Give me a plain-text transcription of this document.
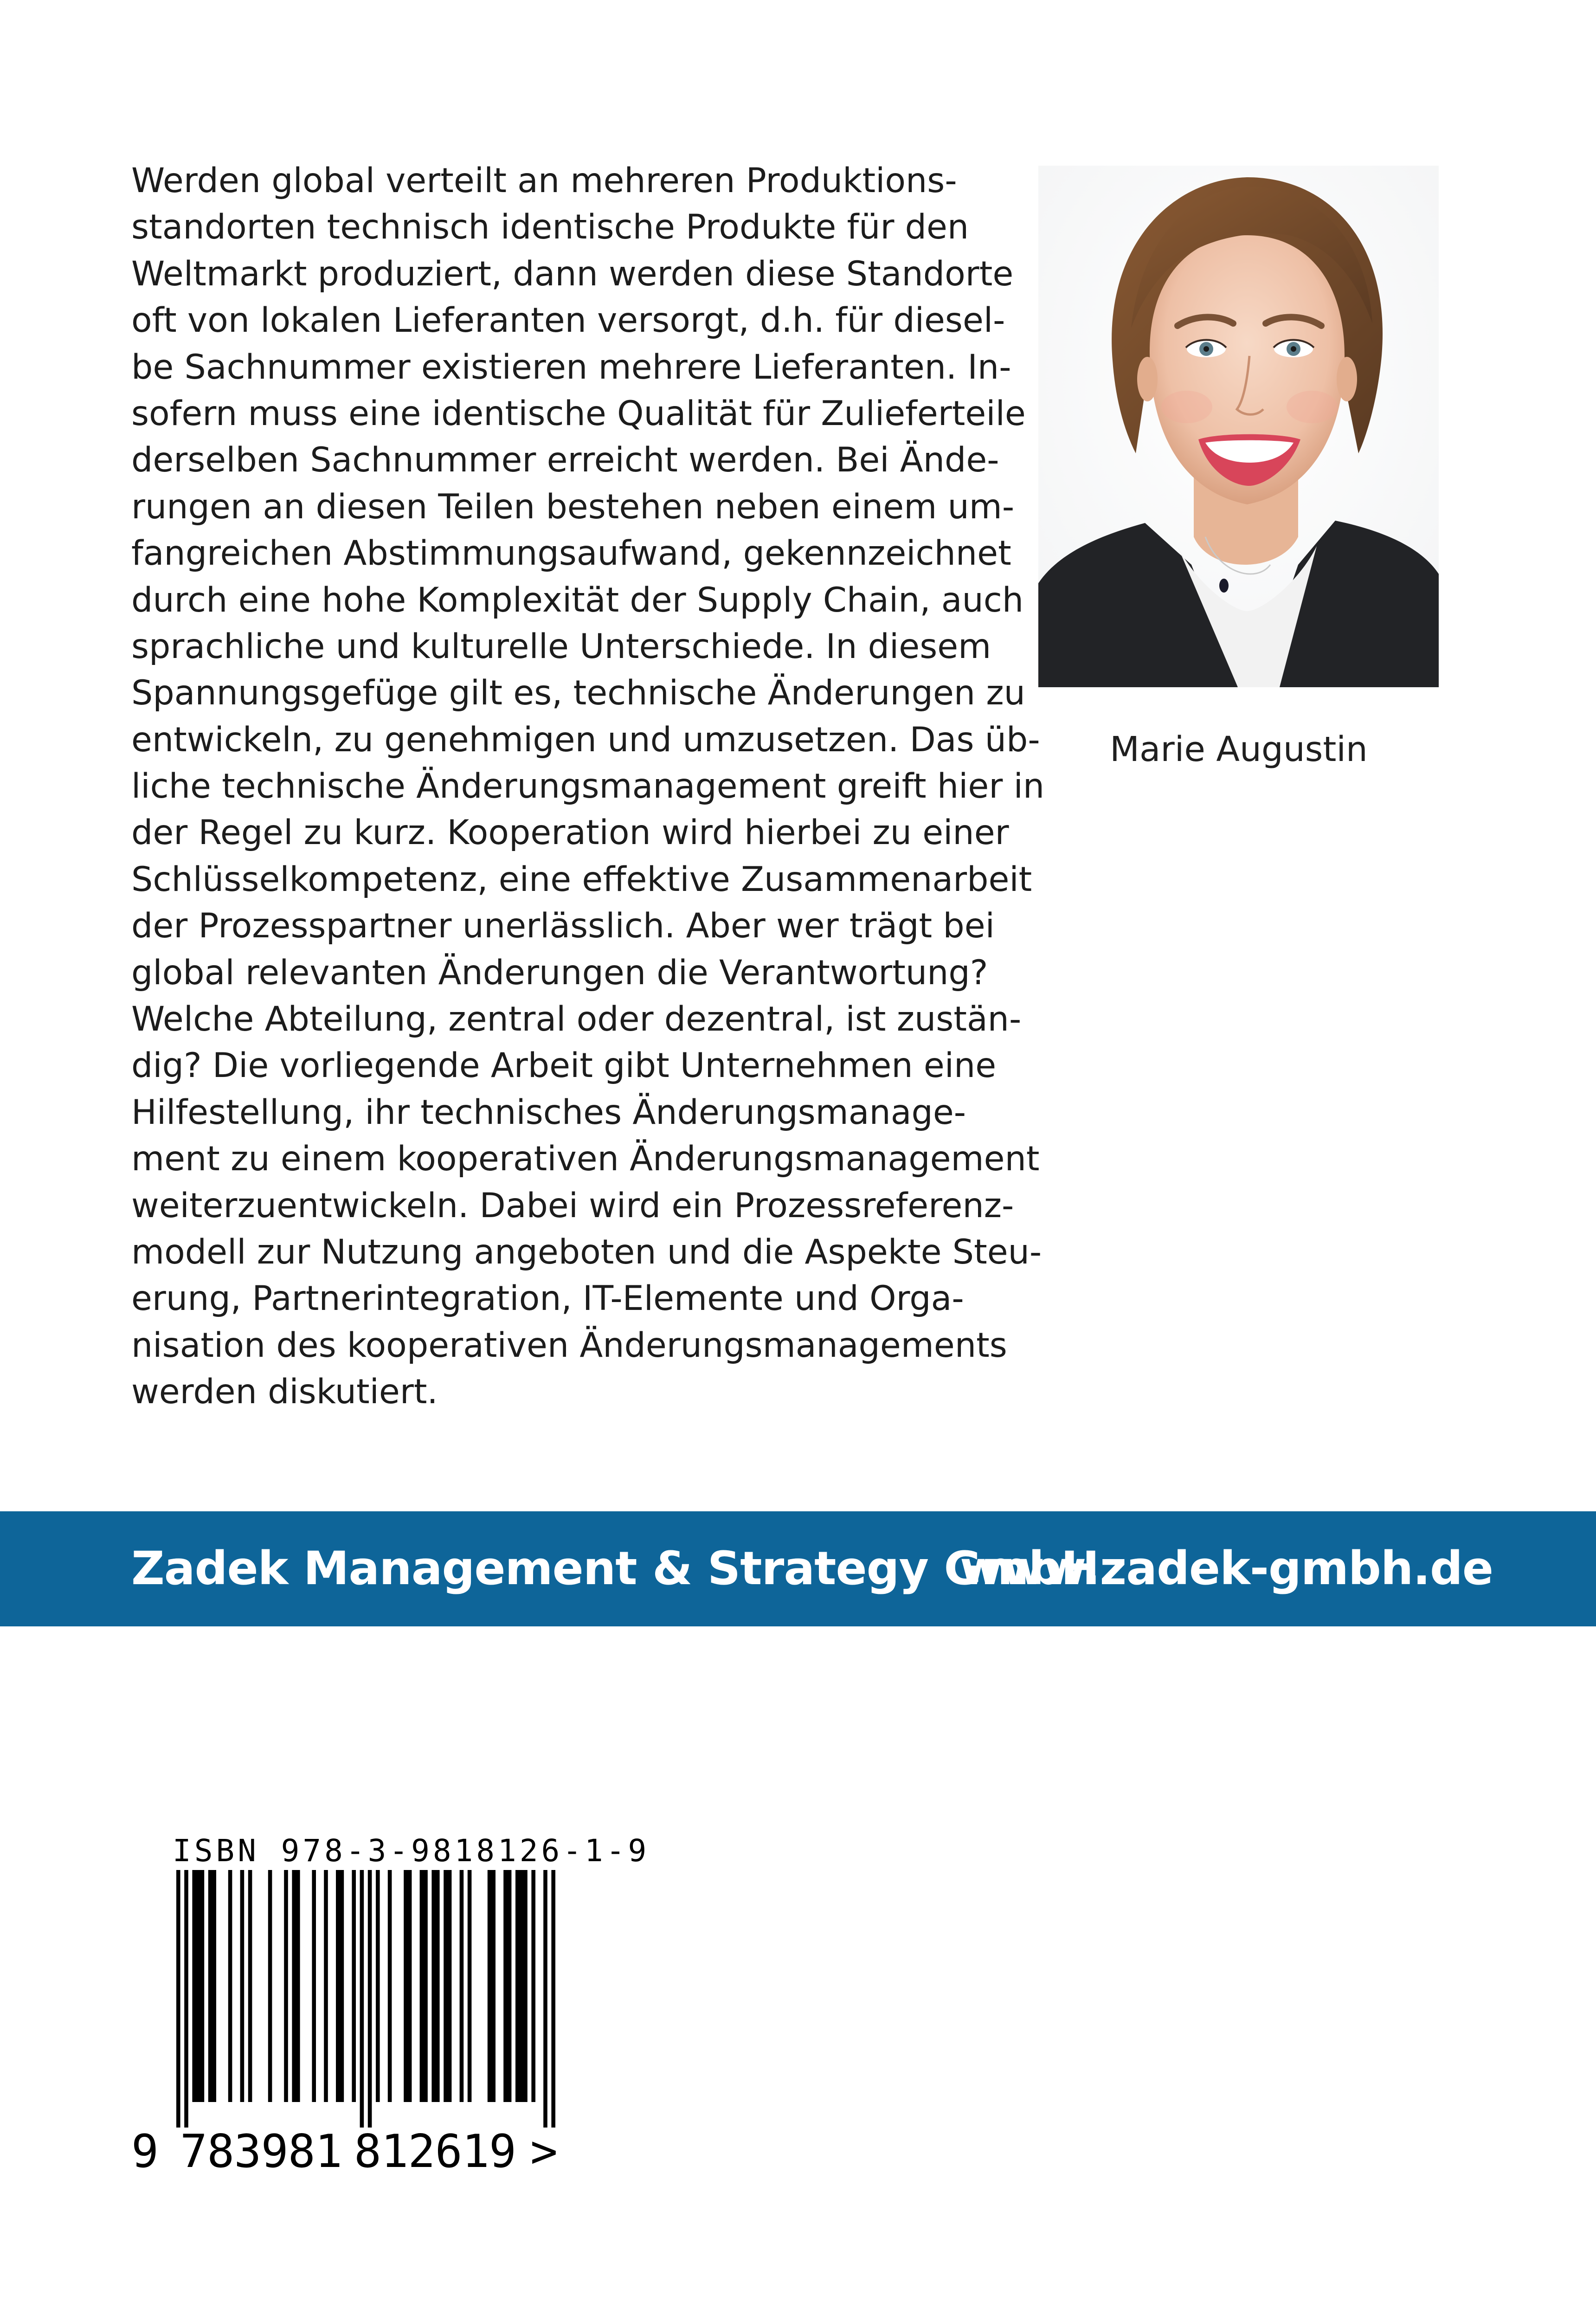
Werden global verteilt an mehreren Produktions-
standorten technisch identische Produkte für den
Weltmarkt produziert, dann werden diese Standorte
oft von lokalen Lieferanten versorgt, d.h. für diesel-
be Sachnummer existieren mehrere Lieferanten. In-
sofern muss eine identische Qualität für Zulieferteile
derselben Sachnummer erreicht werden. Bei Ände-
rungen an diesen Teilen bestehen neben einem um-
fangreichen Abstimmungsaufwand, gekennzeichnet
durch eine hohe Komplexität der Supply Chain, auch
sprachliche und kulturelle Unterschiede. In diesem
Spannungsgefüge gilt es, technische Änderungen zu
entwickeln, zu genehmigen und umzusetzen. Das üb-
liche technische Änderungsmanagement greift hier in
der Regel zu kurz. Kooperation wird hierbei zu einer
Schlüsselkompetenz, eine effektive Zusammenarbeit
der Prozesspartner unerlässlich. Aber wer trägt bei
global relevanten Änderungen die Verantwortung?
Welche Abteilung, zentral oder dezentral, ist zustän-
dig? Die vorliegende Arbeit gibt Unternehmen eine
Hilfestellung, ihr technisches Änderungsmanage-
ment zu einem kooperativen Änderungsmanagement
weiterzuentwickeln. Dabei wird ein Prozessreferenz-
modell zur Nutzung angeboten und die Aspekte Steu-
erung, Partnerintegration, IT-Elemente und Orga-
nisation des kooperativen Änderungsmanagements
werden diskutiert.
Marie Augustin
Zadek Management & Strategy GmbH
www.zadek-gmbh.de
ISBN 978-3-9818126-1-9
9 783981 812619 >
